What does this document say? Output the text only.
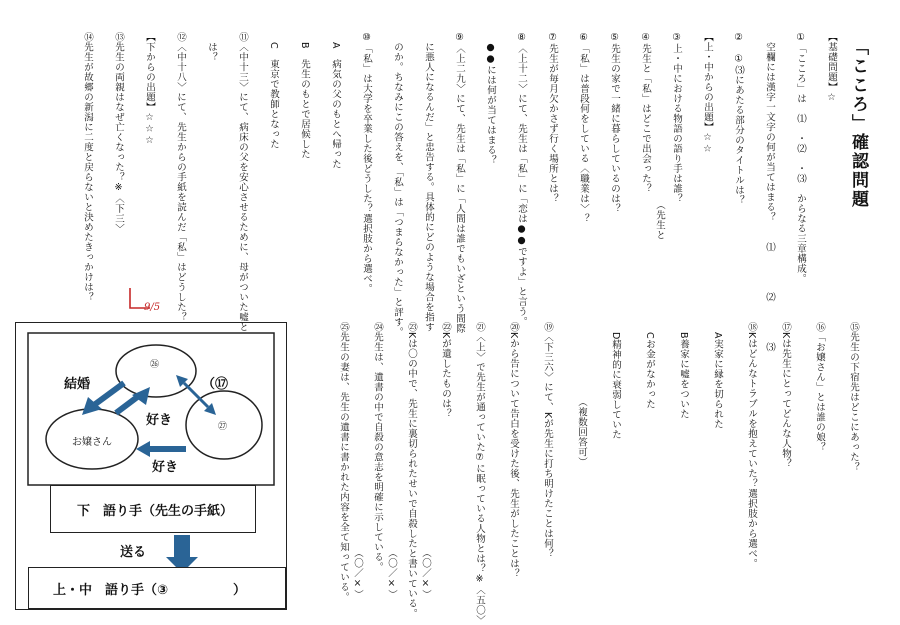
「こころ」確認問題
【基礎問題】☆
①「こころ」は　⑴　・⑵　・⑶　からなる三章構成。
　空欄には漢字一文字の何が当てはまる？　　⑴　　　　⑵　　　　⑶
②　①⑶にあたる部分のタイトルは？
【上・中からの出題】☆☆
③上・中における物語の語り手は誰？
④先生と「私」はどこで出会った？
⑤先生の家で一緒に暮らしているのは？
⑥「私」は普段何をしている〈職業は〉？
⑦先生が毎月欠かさず行く場所とは？
⑧〈上十二〉にて、先生は「私」に「恋は●●ですよ」と言う。
　●●には何が当てはまる？
⑨〈上二九〉にて、先生は「私」に「人間は誰でもいざという間際
　に悪人になるんだ」と忠告する。具体的にどのような場合を指す
　のか。ちなみにこの答えを、「私」は「つまらなかった」と評す。
⑩「私」は大学を卒業した後どうした？選択肢から選べ。
　A　病気の父のもとへ帰った
　B　先生のもとで居候した
　C　東京で教師となった
⑪〈中十三〉にて、病床の父を安心させるために、母がついた嘘と
　は？
⑫〈中十八〉にて、先生からの手紙を読んだ「私」はどうした？
【下からの出題】☆☆☆
⑬先生の両親はなぜ亡くなった？※〈下三〉
⑭先生が故郷の新潟に二度と戻らないと決めたきっかけは？
⑮先生の下宿先はどこにあった？
⑯「お嬢さん」とは誰の娘？
⑰Kは先生にとってどんな人物？
⑱Kはどんなトラブルを抱えていた？選択肢から選べ。
　A実家に縁を切られた
　B養家に嘘をついた
　Cお金がなかった
　D精神的に衰弱していた
　　　　　　　　（複数回答可）
⑲〈下三六〉にて、Kが先生に打ち明けたことは何？
⑳Kから告について告白を受けた後、先生がしたことは？
㉑〈上〉で先生が通っていた⑦に眠っている人物とは？※〈五〇〉
㉒Kが遺したものは？
㉓Kは〇の中で、先生に裏切られたせいで自殺したと書いている。
㉔先生は、遺書の中で自殺の意志を明確に示している。
㉕先生の妻は、先生の遺書に書かれた内容を全て知っている。
結婚
好き
好き
（⑰
㉖
㉗
お嬢さん
下　語り手（先生の手紙）
送る
上・中　語り手（③　　　　　）
9/5
（先生と
（〇／×）
（〇／×）
（〇／×）
